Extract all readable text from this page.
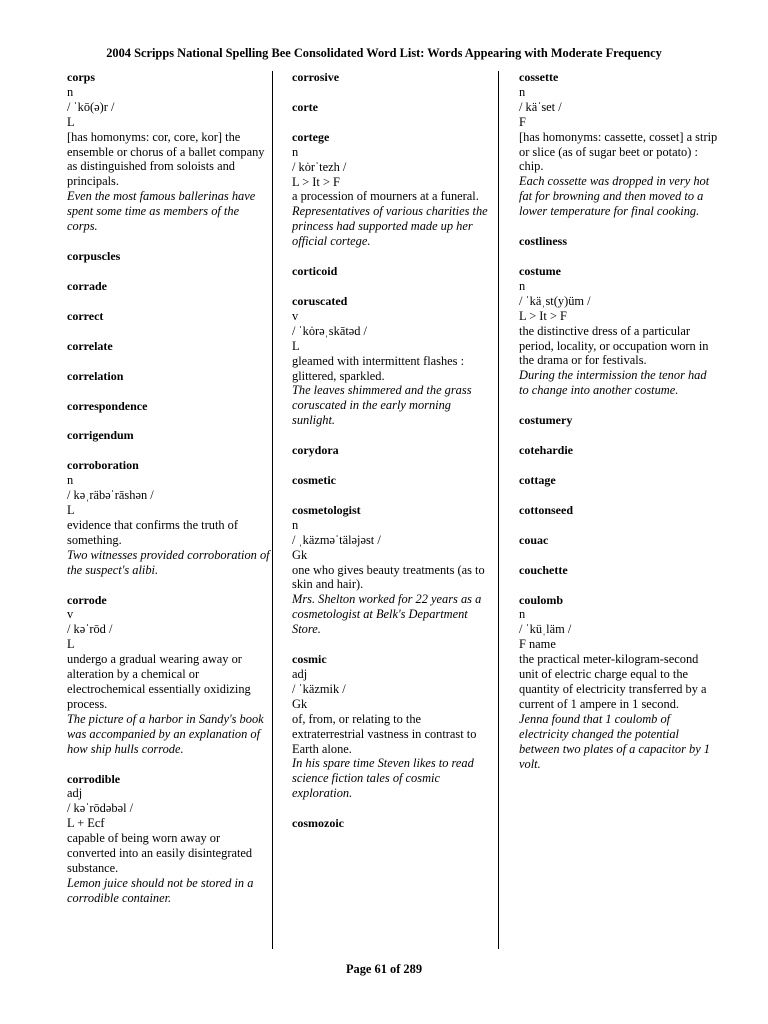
2004 Scripps National Spelling Bee Consolidated Word List: Words Appearing with Moderate Frequency
corps
n
/ ˈkō(ə)r /
L
[has homonyms: cor, core, kor] the ensemble or chorus of a ballet company as distinguished from soloists and principals.
Even the most famous ballerinas have spent some time as members of the corps.
corpuscles
corrade
correct
correlate
correlation
correspondence
corrigendum
corroboration
n
/ kəˌräbəˈrāshən /
L
evidence that confirms the truth of something.
Two witnesses provided corroboration of the suspect's alibi.
corrode
v
/ kəˈrōd /
L
undergo a gradual wearing away or alteration by a chemical or electrochemical essentially oxidizing process.
The picture of a harbor in Sandy's book was accompanied by an explanation of how ship hulls corrode.
corrodible
adj
/ kəˈrōdəbəl /
L + Ecf
capable of being worn away or converted into an easily disintegrated substance.
Lemon juice should not be stored in a corrodible container.
corrosive
corte
cortege
n
/ kȯrˈtezh /
L > It > F
a procession of mourners at a funeral.
Representatives of various charities the princess had supported made up her official cortege.
corticoid
coruscated
v
/ ˈkȯrəˌskātəd /
L
gleamed with intermittent flashes : glittered, sparkled.
The leaves shimmered and the grass coruscated in the early morning sunlight.
corydora
cosmetic
cosmetologist
n
/ ˌkäzməˈtäləjəst /
Gk
one who gives beauty treatments (as to skin and hair).
Mrs. Shelton worked for 22 years as a cosmetologist at Belk's Department Store.
cosmic
adj
/ ˈkäzmik /
Gk
of, from, or relating to the extraterrestrial vastness in contrast to Earth alone.
In his spare time Steven likes to read science fiction tales of cosmic exploration.
cosmozoic
cossette
n
/ käˈset /
F
[has homonyms: cassette, cosset] a strip or slice (as of sugar beet or potato) : chip.
Each cossette was dropped in very hot fat for browning and then moved to a lower temperature for final cooking.
costliness
costume
n
/ ˈkäˌst(y)üm /
L > It > F
the distinctive dress of a particular period, locality, or occupation worn in the drama or for festivals.
During the intermission the tenor had to change into another costume.
costumery
cotehardie
cottage
cottonseed
couac
couchette
coulomb
n
/ ˈküˌläm /
F name
the practical meter-kilogram-second unit of electric charge equal to the quantity of electricity transferred by a current of 1 ampere in 1 second.
Jenna found that 1 coulomb of electricity changed the potential between two plates of a capacitor by 1 volt.
Page 61 of 289
